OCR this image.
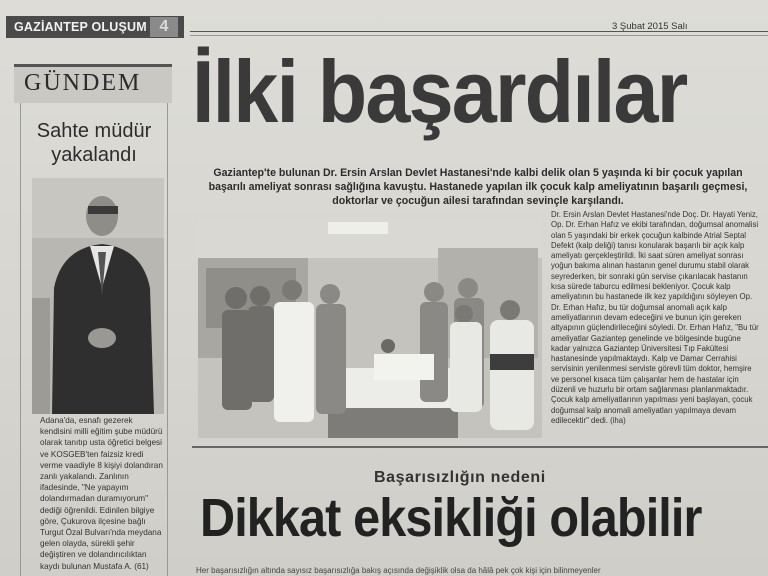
GAZİANTEP OLUŞUM 4	3 Şubat 2015 Salı
GÜNDEM
Sahte müdür
yakalandı
Adana'da, esnafı gezerek kendisini milli eğitim şube müdürü olarak tanıtıp usta öğretici belgesi ve KOSGEB'ten faizsiz kredi verme vaadiyle 8 kişiyi dolandıran zanlı yakalandı. Zanlının ifadesinde, "Ne yapayım dolandırmadan duramıyorum" dediği öğrenildi. Edinilen bilgiye göre, Çukurova ilçesine bağlı Turgut Özal Bulvarı'nda meydana gelen olayda, sürekli şehir değiştiren ve dolandırıcılıktan kaydı bulunan Mustafa A. (61)
İlki başardılar
Gaziantep'te bulunan Dr. Ersin Arslan Devlet Hastanesi'nde kalbi delik olan 5 yaşında ki bir çocuk yapılan başarılı ameliyat sonrası sağlığına kavuştu. Hastanede yapılan ilk çocuk kalp ameliyatının başarılı geçmesi, doktorlar ve çocuğun ailesi tarafından sevinçle karşılandı.
Dr. Ersin Arslan Devlet Hastanesi'nde Doç. Dr. Hayati Yeniz, Op. Dr. Erhan Hafız ve ekibi tarafından, doğumsal anomalisi olan 5 yaşındaki bir erkek çocuğun kalbinde Atrial Septal Defekt (kalp deliği) tanısı konularak başarılı bir açık kalp ameliyatı gerçekleştirildi. İki saat süren ameliyat sonrası yoğun bakıma alınan hastanın genel durumu stabil olarak seyrederken, bir sonraki gün servise çıkarılacak hastanın kısa sürede taburcu edilmesi bekleniyor. Çocuk kalp ameliyatının bu hastanede ilk kez yapıldığını söyleyen Op. Dr. Erhan Hafız, bu tür doğumsal anomali açık kalp ameliyatlarının devam edeceğini ve bunun için gereken altyapının güçlendirileceğini söyledi. Dr. Erhan Hafız, "Bu tür ameliyatlar Gaziantep genelinde ve bölgesinde bugüne kadar yalnızca Gaziantep Üniversitesi Tıp Fakültesi hastanesinde yapılmaktaydı. Kalp ve Damar Cerrahisi servisinin yenilenmesi serviste görevli tüm doktor, hemşire ve personel kısaca tüm çalışanlar hem de hastalar için düzenli ve huzurlu bir ortam sağlanması planlanmaktadır. Çocuk kalp ameliyatlarının yapılması yeni başlayan, çocuk doğumsal kalp anomali ameliyatları yapılmaya devam edilecektir" dedi. (iha)
Başarısızlığın nedeni
Dikkat eksikliği olabilir
Her başarısızlığın altında sayısız başarısızlığa bakış açısında değişiklik olsa da hâlâ pek çok kişi için bilinmeyenler
